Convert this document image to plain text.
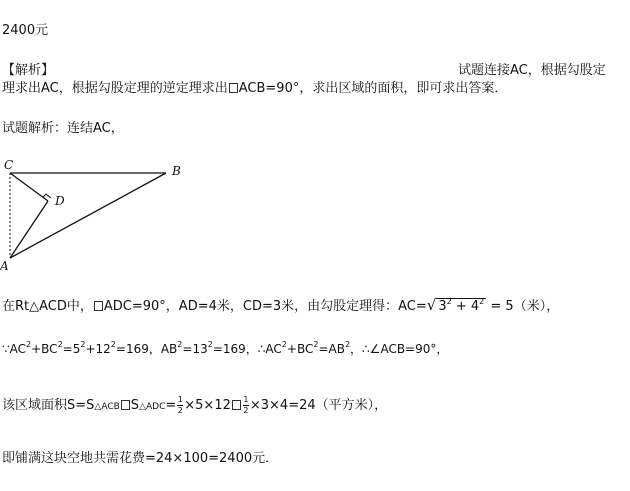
2400元
【解析】	试题连接AC，根据勾股定
理求出AC，根据勾股定理的逆定理求出 ACB=90°，求出区域的面积，即可求出答案．
试题解析：连结AC，
C	B
D
A
在Rt△ACD中， ADC=90°，AD=4米，CD=3米，由勾股定理得：AC=√ $3^2 + 4^2 = 5$（米），
$\because AC^2+BC^2=5^2+12^2=169$，$AB^2=13^2=169$，$\therefore AC^2+BC^2=AB^2$，∴∠ACB=90°，
该区域面积S=S△ACB S△ADC= $\frac{1}{2} \times 5\times 12 \frac{1}{2} \times 3\times 4=24$（平方米），
即铺满这块空地共需花费=24×100=2400元．
